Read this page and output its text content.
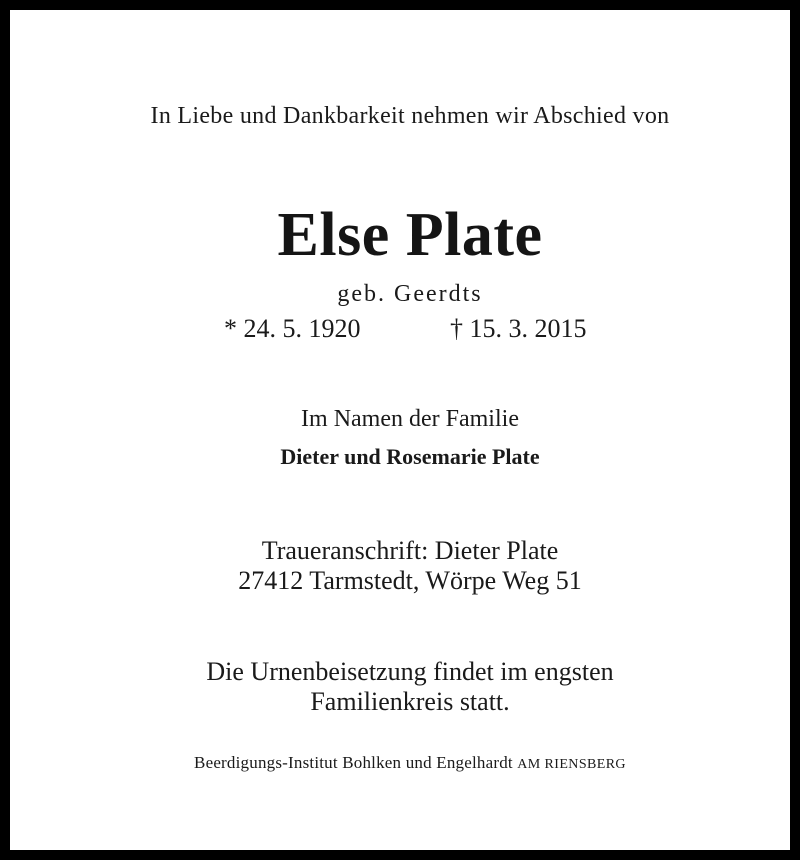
In Liebe und Dankbarkeit nehmen wir Abschied von
Else Plate
geb. Geerdts
* 24. 5. 1920	† 15. 3. 2015
Im Namen der Familie
Dieter und Rosemarie Plate
Traueranschrift: Dieter Plate
27412 Tarmstedt, Wörpe Weg 51
Die Urnenbeisetzung findet im engsten
Familienkreis statt.
Beerdigungs-Institut Bohlken und Engelhardt AM RIENSBERG
